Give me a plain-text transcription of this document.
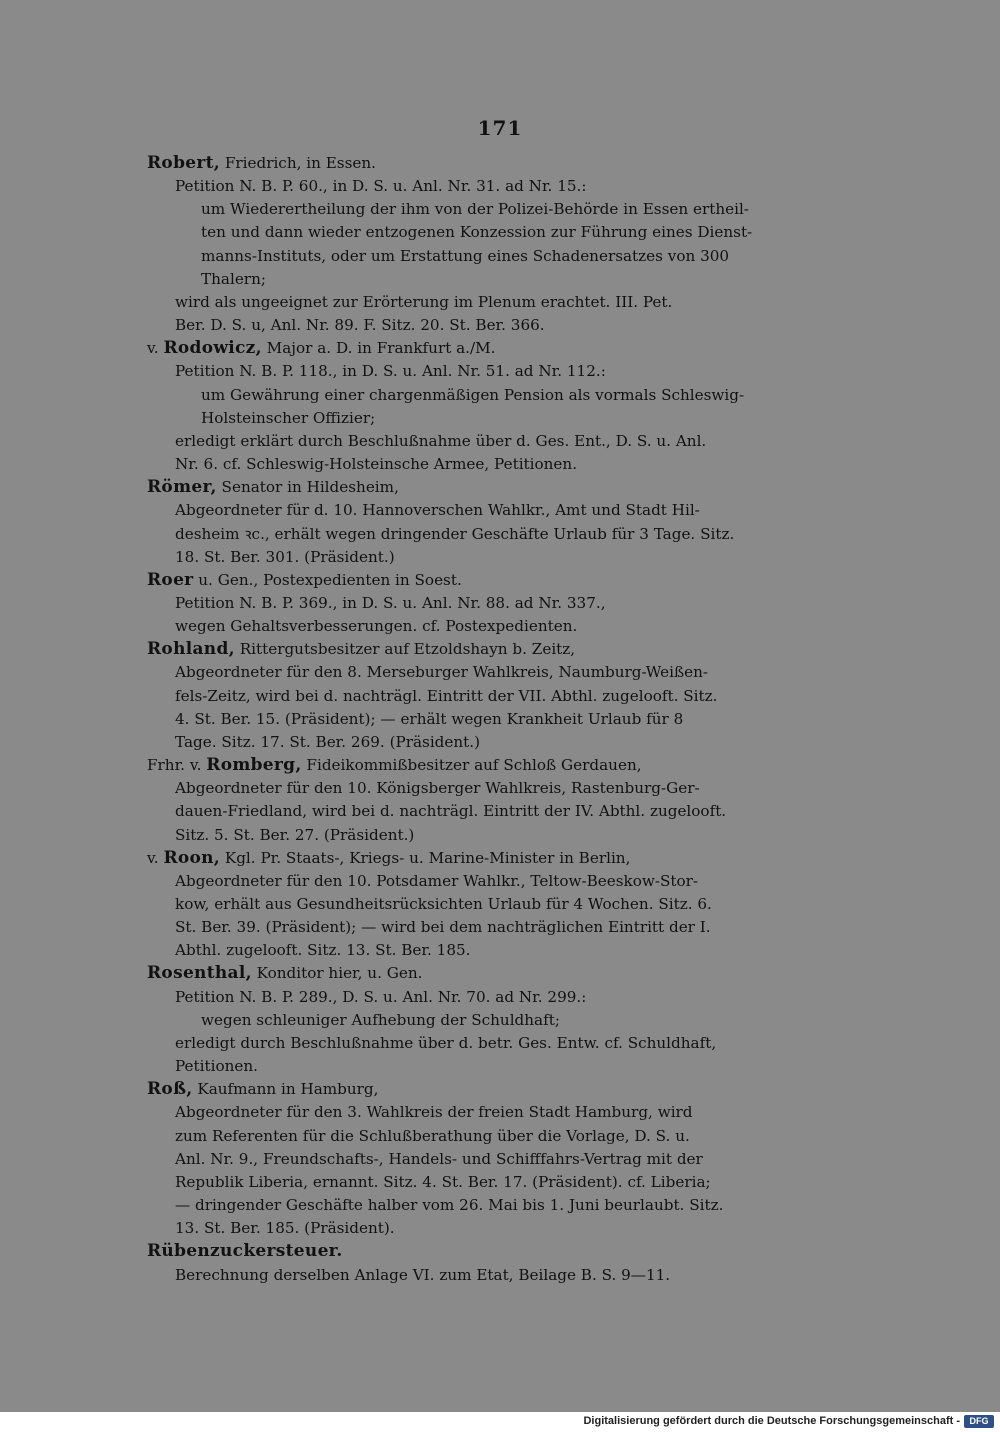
171
Robert, Friedrich, in Essen.
Petition N. B. P. 60., in D. S. u. Anl. Nr. 31. ad Nr. 15.:
um Wiederertheilung der ihm von der Polizei-Behörde in Essen ertheil-
ten und dann wieder entzogenen Konzession zur Führung eines Dienst-
manns-Instituts, oder um Erstattung eines Schadenersatzes von 300
Thalern;
wird als ungeeignet zur Erörterung im Plenum erachtet. III. Pet.
Ber. D. S. u, Anl. Nr. 89. F. Sitz. 20. St. Ber. 366.
v. Rodowicz, Major a. D. in Frankfurt a./M.
Petition N. B. P. 118., in D. S. u. Anl. Nr. 51. ad Nr. 112.:
um Gewährung einer chargenmäßigen Pension als vormals Schleswig-
Holsteinscher Offizier;
erledigt erklärt durch Beschlußnahme über d. Ges. Ent., D. S. u. Anl.
Nr. 6. cf. Schleswig-Holsteinsche Armee, Petitionen.
Römer, Senator in Hildesheim,
Abgeordneter für d. 10. Hannoverschen Wahlkr., Amt und Stadt Hil-
desheim ꝛc., erhält wegen dringender Geschäfte Urlaub für 3 Tage. Sitz.
18. St. Ber. 301. (Präsident.)
Roer u. Gen., Postexpedienten in Soest.
Petition N. B. P. 369., in D. S. u. Anl. Nr. 88. ad Nr. 337.,
wegen Gehaltsverbesserungen. cf. Postexpedienten.
Rohland, Rittergutsbesitzer auf Etzoldshayn b. Zeitz,
Abgeordneter für den 8. Merseburger Wahlkreis, Naumburg-Weißen-
fels-Zeitz, wird bei d. nachträgl. Eintritt der VII. Abthl. zugelooft. Sitz.
4. St. Ber. 15. (Präsident); — erhält wegen Krankheit Urlaub für 8
Tage. Sitz. 17. St. Ber. 269. (Präsident.)
Frhr. v. Romberg, Fideikommißbesitzer auf Schloß Gerdauen,
Abgeordneter für den 10. Königsberger Wahlkreis, Rastenburg-Ger-
dauen-Friedland, wird bei d. nachträgl. Eintritt der IV. Abthl. zugelooft.
Sitz. 5. St. Ber. 27. (Präsident.)
v. Roon, Kgl. Pr. Staats-, Kriegs- u. Marine-Minister in Berlin,
Abgeordneter für den 10. Potsdamer Wahlkr., Teltow-Beeskow-Stor-
kow, erhält aus Gesundheitsrücksichten Urlaub für 4 Wochen. Sitz. 6.
St. Ber. 39. (Präsident); — wird bei dem nachträglichen Eintritt der I.
Abthl. zugelooft. Sitz. 13. St. Ber. 185.
Rosenthal, Konditor hier, u. Gen.
Petition N. B. P. 289., D. S. u. Anl. Nr. 70. ad Nr. 299.:
wegen schleuniger Aufhebung der Schuldhaft;
erledigt durch Beschlußnahme über d. betr. Ges. Entw. cf. Schuldhaft,
Petitionen.
Roß, Kaufmann in Hamburg,
Abgeordneter für den 3. Wahlkreis der freien Stadt Hamburg, wird
zum Referenten für die Schlußberathung über die Vorlage, D. S. u.
Anl. Nr. 9., Freundschafts-, Handels- und Schifffahrs-Vertrag mit der
Republik Liberia, ernannt. Sitz. 4. St. Ber. 17. (Präsident). cf. Liberia;
— dringender Geschäfte halber vom 26. Mai bis 1. Juni beurlaubt. Sitz.
13. St. Ber. 185. (Präsident).
Rübenzuckersteuer.
Berechnung derselben Anlage VI. zum Etat, Beilage B. S. 9—11.
Digitalisierung gefördert durch die Deutsche Forschungsgemeinschaft -	DFG
